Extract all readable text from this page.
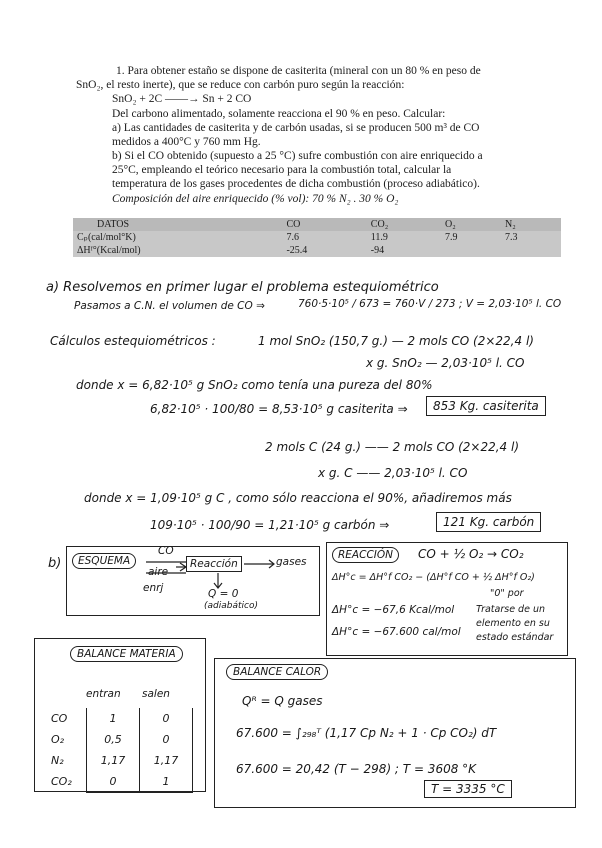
1. Para obtener estaño se dispone de casiterita (mineral con un 80 % en peso de
SnO₂, el resto inerte), que se reduce con carbón puro según la reacción:
SnO₂ + 2C ——→ Sn + 2 CO
Del carbono alimentado, solamente reacciona el 90 % en peso. Calcular:
a) Las cantidades de casiterita y de carbón usadas, si se producen 500 m³ de CO
medidos a 400°C y 760 mm Hg.
b) Si el CO obtenido (supuesto a 25 °C) sufre combustión con aire enriquecido a
25°C, empleando el teórico necesario para la combustión total, calcular la
temperatura de los gases procedentes de dicha combustión (proceso adiabático).
Composición del aire enriquecido (% vol): 70 % N₂ . 30 % O₂
DATOS	CO	CO₂	O₂	N₂
Cₚ(cal/mol°K)	7.6	11.9	7.9	7.3
ΔHᶠ°(Kcal/mol)	-25.4	-94		
a) Resolvemos en primer lugar el problema estequiométrico
Pasamos a C.N. el volumen de CO ⇒	760·5·10⁵ / 673 = 760·V / 273 ; V = 2,03·10⁵ l. CO
Cálculos estequiométricos :	1 mol SnO₂ (150,7 g.) — 2 mols CO (2×22,4 l)
x g. SnO₂ — 2,03·10⁵ l. CO
donde x = 6,82·10⁵ g SnO₂ como tenía una pureza del 80%
6,82·10⁵ · 100/80 = 8,53·10⁵ g casiterita ⇒	853 Kg. casiterita
2 mols C (24 g.) —— 2 mols CO (2×22,4 l)
x g. C —— 2,03·10⁵ l. CO
donde x = 1,09·10⁵ g C , como sólo reacciona el 90%, añadiremos más
109·10⁵ · 100/90 = 1,21·10⁵ g carbón ⇒	121 Kg. carbón
b)	ESQUEMA
CO
aire
enrj
Reacción	gases
Q = 0
(adiabático)
REACCIÓN	CO + ½ O₂ → CO₂
ΔH°c = ΔH°f CO₂ − (ΔH°f CO + ½ ΔH°f O₂)
"0" por
ΔH°c = −67,6 Kcal/mol
ΔH°c = −67.600 cal/mol
Tratarse de un
elemento en su
estado estándar
BALANCE MATERIA
entran salen
CO	1	0
O₂	0,5	0
N₂	1,17	1,17
CO₂	0	1
BALANCE CALOR
Qᴿ = Q gases
67.600 = ∫₂₉₈ᵀ (1,17 Cp N₂ + 1 · Cp CO₂) dT
67.600 = 20,42 (T − 298) ; T = 3608 °K
T = 3335 °C
